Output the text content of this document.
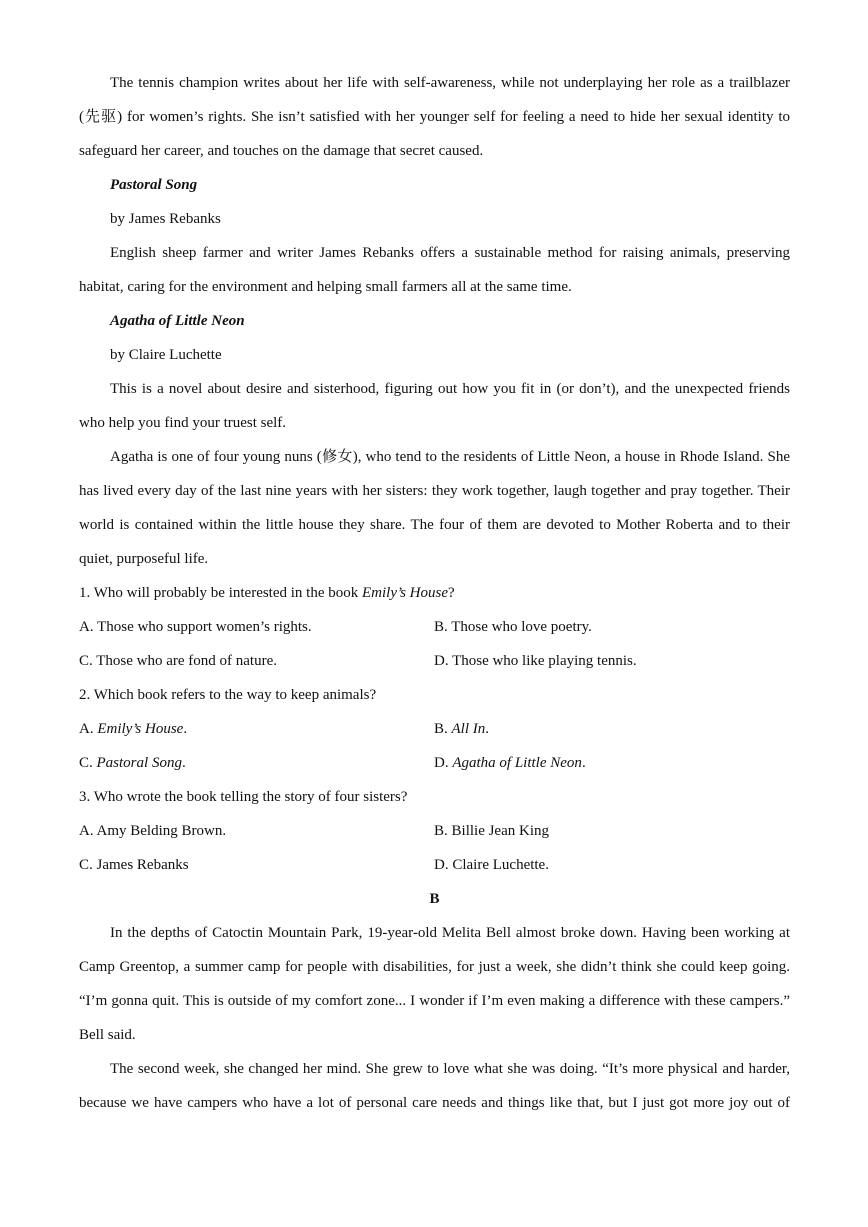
The tennis champion writes about her life with self-awareness, while not underplaying her role as a trailblazer
(先驱) for women’s rights. She isn’t satisfied with her younger self for feeling a need to hide her sexual identity to
safeguard her career, and touches on the damage that secret caused.
Pastoral Song
by James Rebanks
English sheep farmer and writer James Rebanks offers a sustainable method for raising animals, preserving
habitat, caring for the environment and helping small farmers all at the same time.
Agatha of Little Neon
by Claire Luchette
This is a novel about desire and sisterhood, figuring out how you fit in (or don’t), and the unexpected friends
who help you find your truest self.
Agatha is one of four young nuns (修女), who tend to the residents of Little Neon, a house in Rhode Island. She
has lived every day of the last nine years with her sisters: they work together, laugh together and pray together. Their
world is contained within the little house they share. The four of them are devoted to Mother Roberta and to their
quiet, purposeful life.
1. Who will probably be interested in the book Emily’s House?
A. Those who support women’s rights.	B. Those who love poetry.
C. Those who are fond of nature.	D. Those who like playing tennis.
2. Which book refers to the way to keep animals?
A. Emily’s House.	B. All In.
C. Pastoral Song.	D. Agatha of Little Neon.
3. Who wrote the book telling the story of four sisters?
A. Amy Belding Brown.	B. Billie Jean King
C. James Rebanks	D. Claire Luchette.
B
In the depths of Catoctin Mountain Park, 19-year-old Melita Bell almost broke down. Having been working at
Camp Greentop, a summer camp for people with disabilities, for just a week, she didn’t think she could keep going.
“I’m gonna quit. This is outside of my comfort zone... I wonder if I’m even making a difference with these campers.”
Bell said.
The second week, she changed her mind. She grew to love what she was doing. “It’s more physical and harder,
because we have campers who have a lot of personal care needs and things like that, but I just got more joy out of
